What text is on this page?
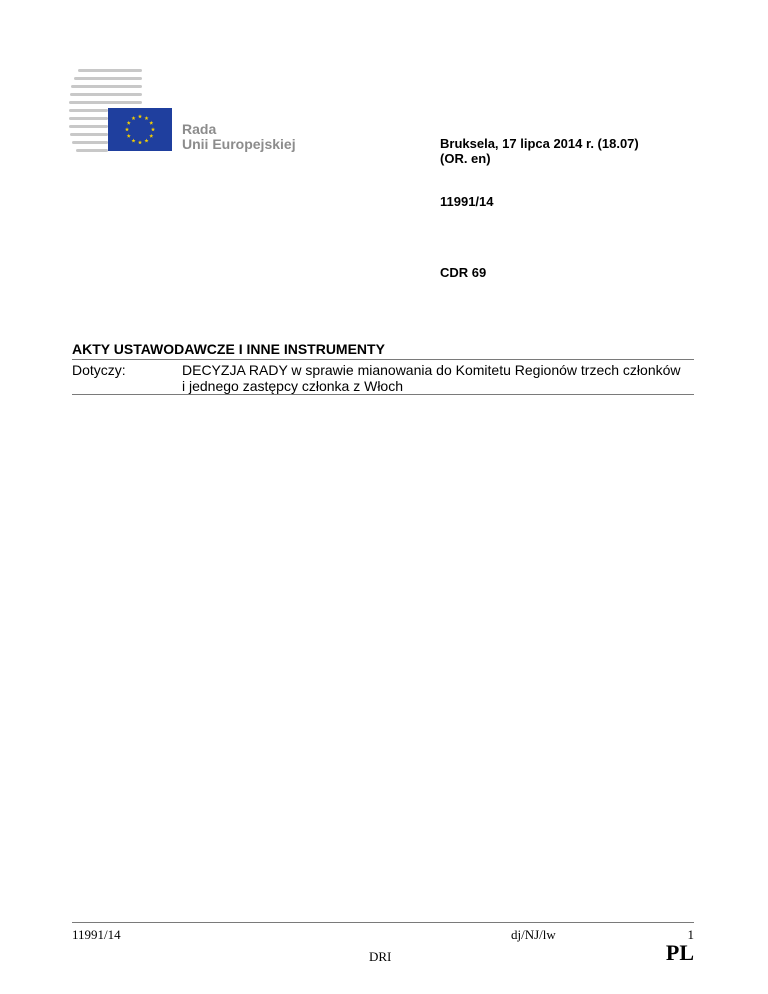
Rada
Unii Europejskiej	Bruksela, 17 lipca 2014 r. (18.07)
(OR. en)
11991/14
CDR 69
AKTY USTAWODAWCZE I INNE INSTRUMENTY
Dotyczy:	DECYZJA RADY w sprawie mianowania do Komitetu Regionów trzech członków i jednego zastępcy członka z Włoch
11991/14	dj/NJ/lw	1
DRI	PL
